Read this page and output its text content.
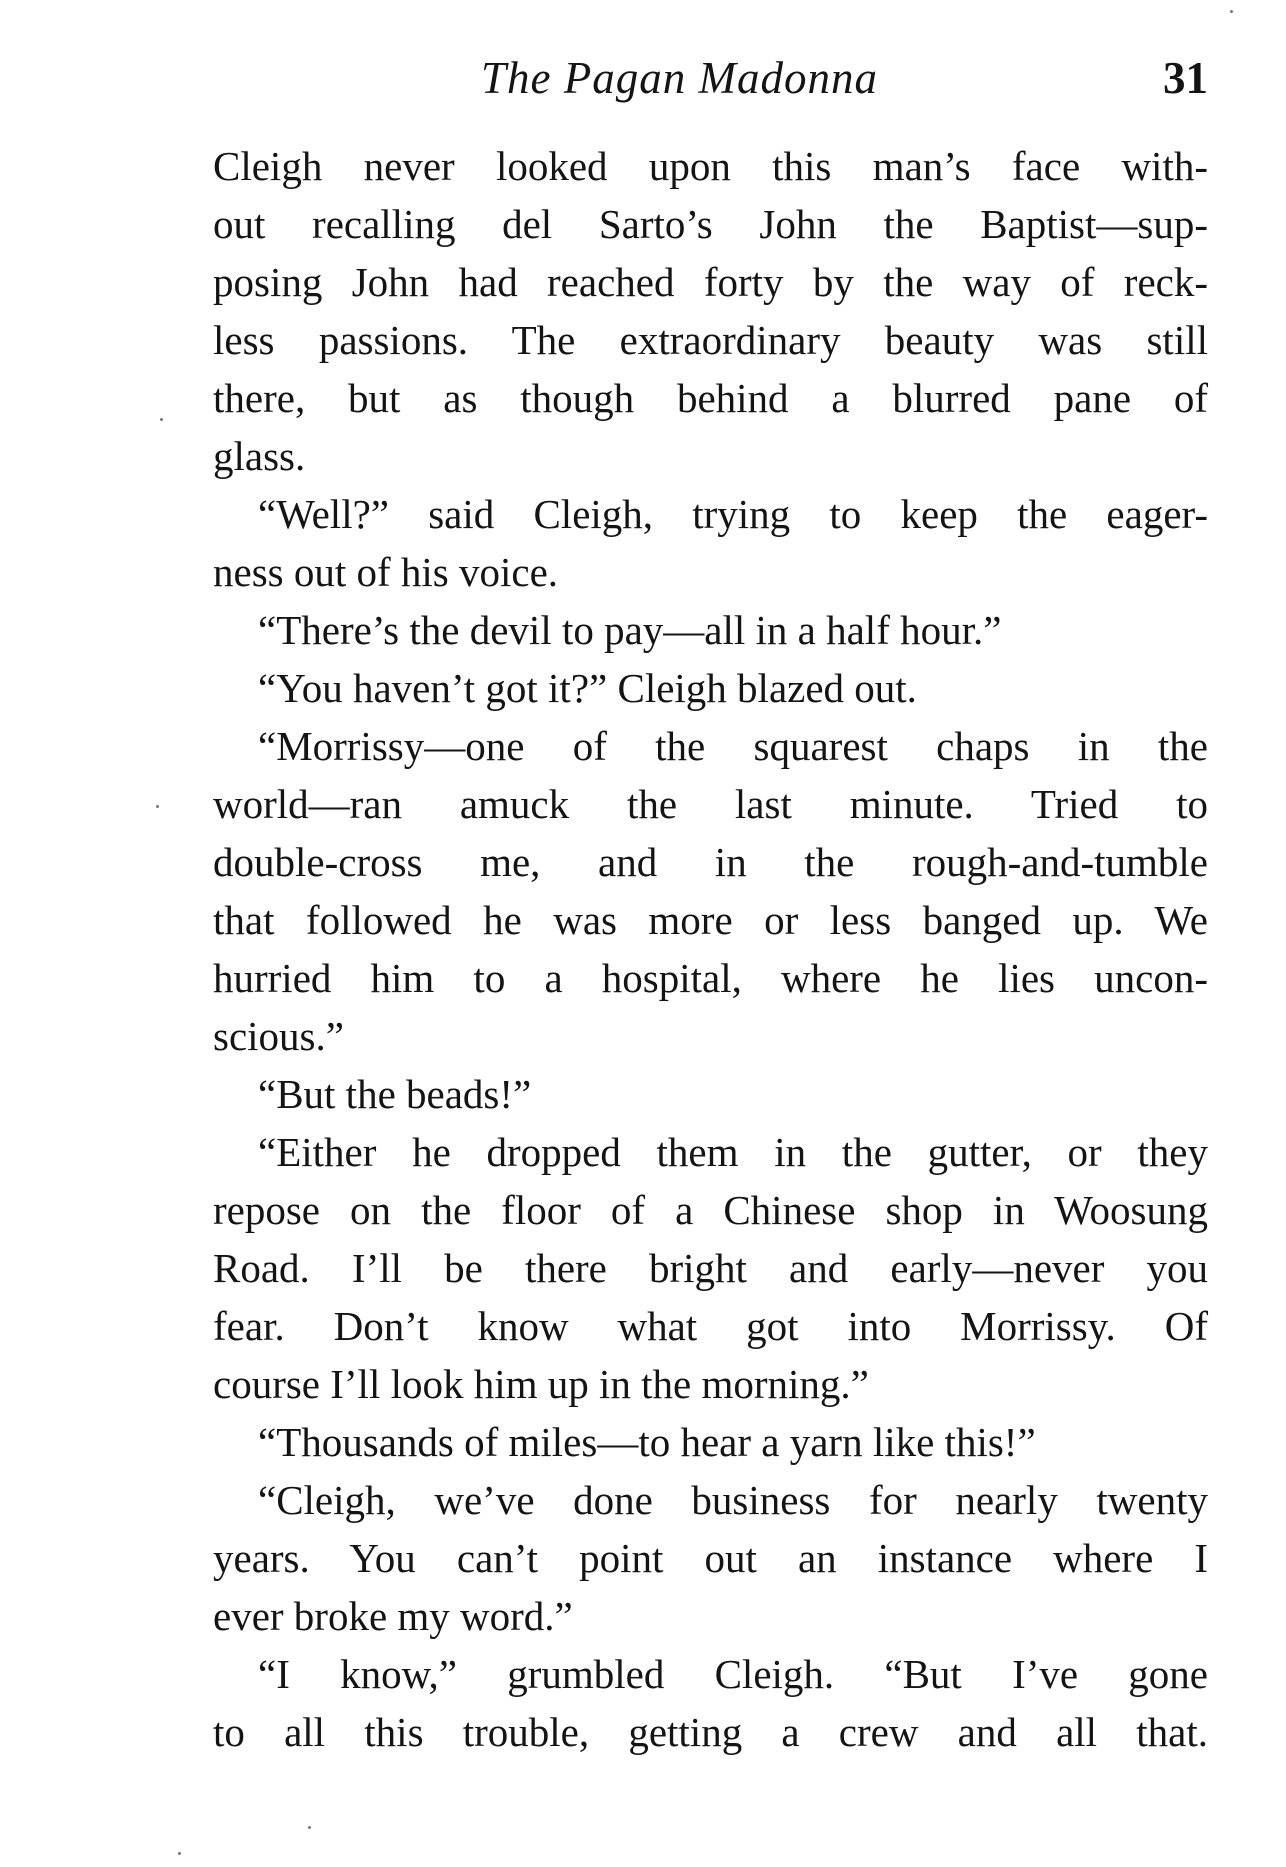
The Pagan Madonna	31
Cleigh never looked upon this man’s face with-
out recalling del Sarto’s John the Baptist—sup-
posing John had reached forty by the way of reck-
less passions. The extraordinary beauty was still
there, but as though behind a blurred pane of
glass.
“Well?” said Cleigh, trying to keep the eager-
ness out of his voice.
“There’s the devil to pay—all in a half hour.”
“You haven’t got it?” Cleigh blazed out.
“Morrissy—one of the squarest chaps in the
world—ran amuck the last minute. Tried to
double-cross me, and in the rough-and-tumble
that followed he was more or less banged up. We
hurried him to a hospital, where he lies uncon-
scious.”
“But the beads!”
“Either he dropped them in the gutter, or they
repose on the floor of a Chinese shop in Woosung
Road. I’ll be there bright and early—never you
fear. Don’t know what got into Morrissy. Of
course I’ll look him up in the morning.”
“Thousands of miles—to hear a yarn like this!”
“Cleigh, we’ve done business for nearly twenty
years. You can’t point out an instance where I
ever broke my word.”
“I know,” grumbled Cleigh. “But I’ve gone
to all this trouble, getting a crew and all that.
